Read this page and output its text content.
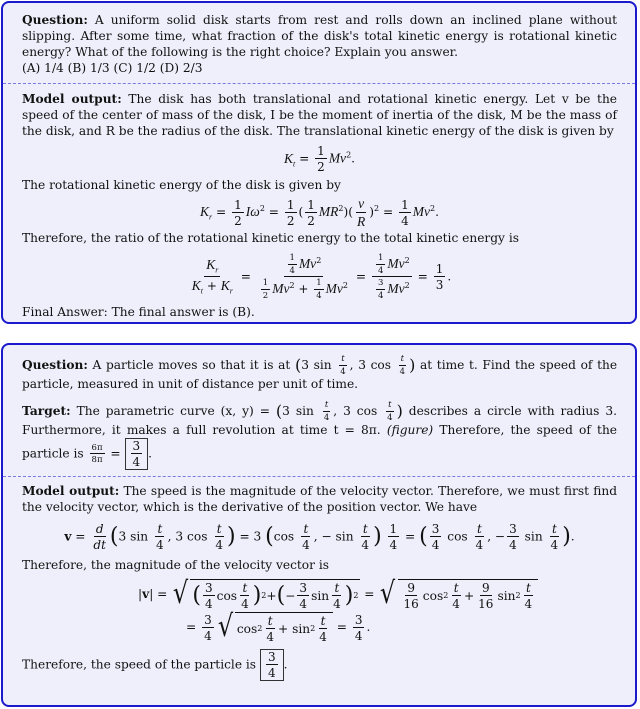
Question: A uniform solid disk starts from rest and rolls down an inclined plane without slipping. After some time, what fraction of the disk's total kinetic energy is rotational kinetic energy? What of the following is the right choice? Explain you answer.

(A) 1/4 (B) 1/3 (C) 1/2 (D) 2/3

Model output: The disk has both translational and rotational kinetic energy. Let v be the speed of the center of mass of the disk, I be the moment of inertia of the disk, M be the mass of the disk, and R be the radius of the disk. The translational kinetic energy of the disk is given by

$K_t = \frac{1}{2} Mv^2$.

The rotational kinetic energy of the disk is given by

$K_r = \frac{1}{2} I\omega^2 = \frac{1}{2}$ ( $\frac{1}{2} MR^2)( \frac{v}{R} )^2 = \frac{1}{4} Mv^2$.

Therefore, the ratio of the rotational kinetic energy to the total kinetic energy is

$\frac{K_r}{K_t + K_r} = \frac{\frac{1}{4} Mv^2}{\frac{1}{2} Mv^2 + \frac{1}{4} Mv^2} = \frac{\frac{1}{4} Mv^2}{\frac{3}{4} Mv^2} = \frac{1}{3}$ .

Final Answer: The final answer is (B).

Question: A particle moves so that it is at (3 $\sin \frac{t}{4}$ , 3 $\cos \frac{t}{4}$ ) at time t. Find the speed of the particle, measured in unit of distance per unit of time.

Target: The parametric curve (x, y) = (3 $\sin \frac{t}{4}$ , 3 $\cos \frac{t}{4}$ ) describes a circle with radius 3. Furthermore, it makes a full revolution at time t = 8π. (figure) Therefore, the speed of the particle is $\frac{6\pi}{8\pi} = \frac{3}{4}$ .

Model output: The speed is the magnitude of the velocity vector. Therefore, we must first find the velocity vector, which is the derivative of the position vector. We have

$v = \frac{d}{dt} (3$ $\sin \frac{t}{4}$ , 3 $\cos \frac{t}{4}$ ) = 3 ($\cos \frac{t}{4}$ , − $\sin \frac{t}{4}$ ) $\frac{1}{4}$ = ( $\frac{3}{4}$ $\cos \frac{t}{4}$ , − $\frac{3}{4}$ $\sin \frac{t}{4}$ ).

Therefore, the magnitude of the velocity vector is

|v| = √ ( $\frac{3}{4}$ $\cos \frac{t}{4}$ ) 2 + ( − $\frac{3}{4}$ $\sin \frac{t}{4}$ ) 2 = √ $\frac{9}{16}$ $\cos 2 \frac{t}{4} + \frac{9}{16}$ $\sin 2 \frac{t}{4}$
= $\frac{3}{4}$ √ $\cos 2 \frac{t}{4} + \sin 2 \frac{t}{4} = \frac{3}{4}$ .

Therefore, the speed of the particle is $\frac{3}{4}$ .
